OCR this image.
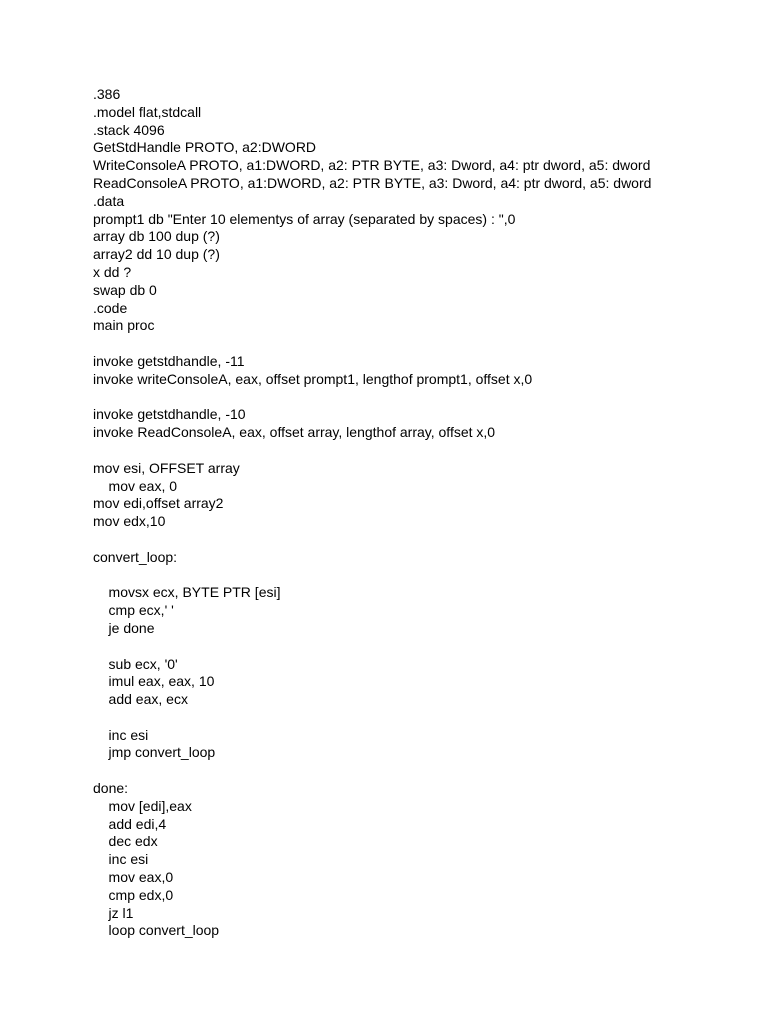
.386
.model flat,stdcall
.stack 4096
GetStdHandle PROTO, a2:DWORD
WriteConsoleA PROTO, a1:DWORD, a2: PTR BYTE, a3: Dword, a4: ptr dword, a5: dword
ReadConsoleA PROTO, a1:DWORD, a2: PTR BYTE, a3: Dword, a4: ptr dword, a5: dword
.data
prompt1 db "Enter 10 elementys of array (separated by spaces) : ",0
array db 100 dup (?)
array2 dd 10 dup (?)
x dd ?
swap db 0
.code
main proc
invoke getstdhandle, -11
invoke writeConsoleA, eax, offset prompt1, lengthof prompt1, offset x,0
invoke getstdhandle, -10
invoke ReadConsoleA, eax, offset array, lengthof array, offset x,0
mov esi, OFFSET array
mov eax, 0
mov edi,offset array2
mov edx,10
convert_loop:
movsx ecx, BYTE PTR [esi]
cmp ecx,' '
je done
sub ecx, '0'
imul eax, eax, 10
add eax, ecx
inc esi
jmp convert_loop
done:
mov [edi],eax
add edi,4
dec edx
inc esi
mov eax,0
cmp edx,0
jz l1
loop convert_loop
